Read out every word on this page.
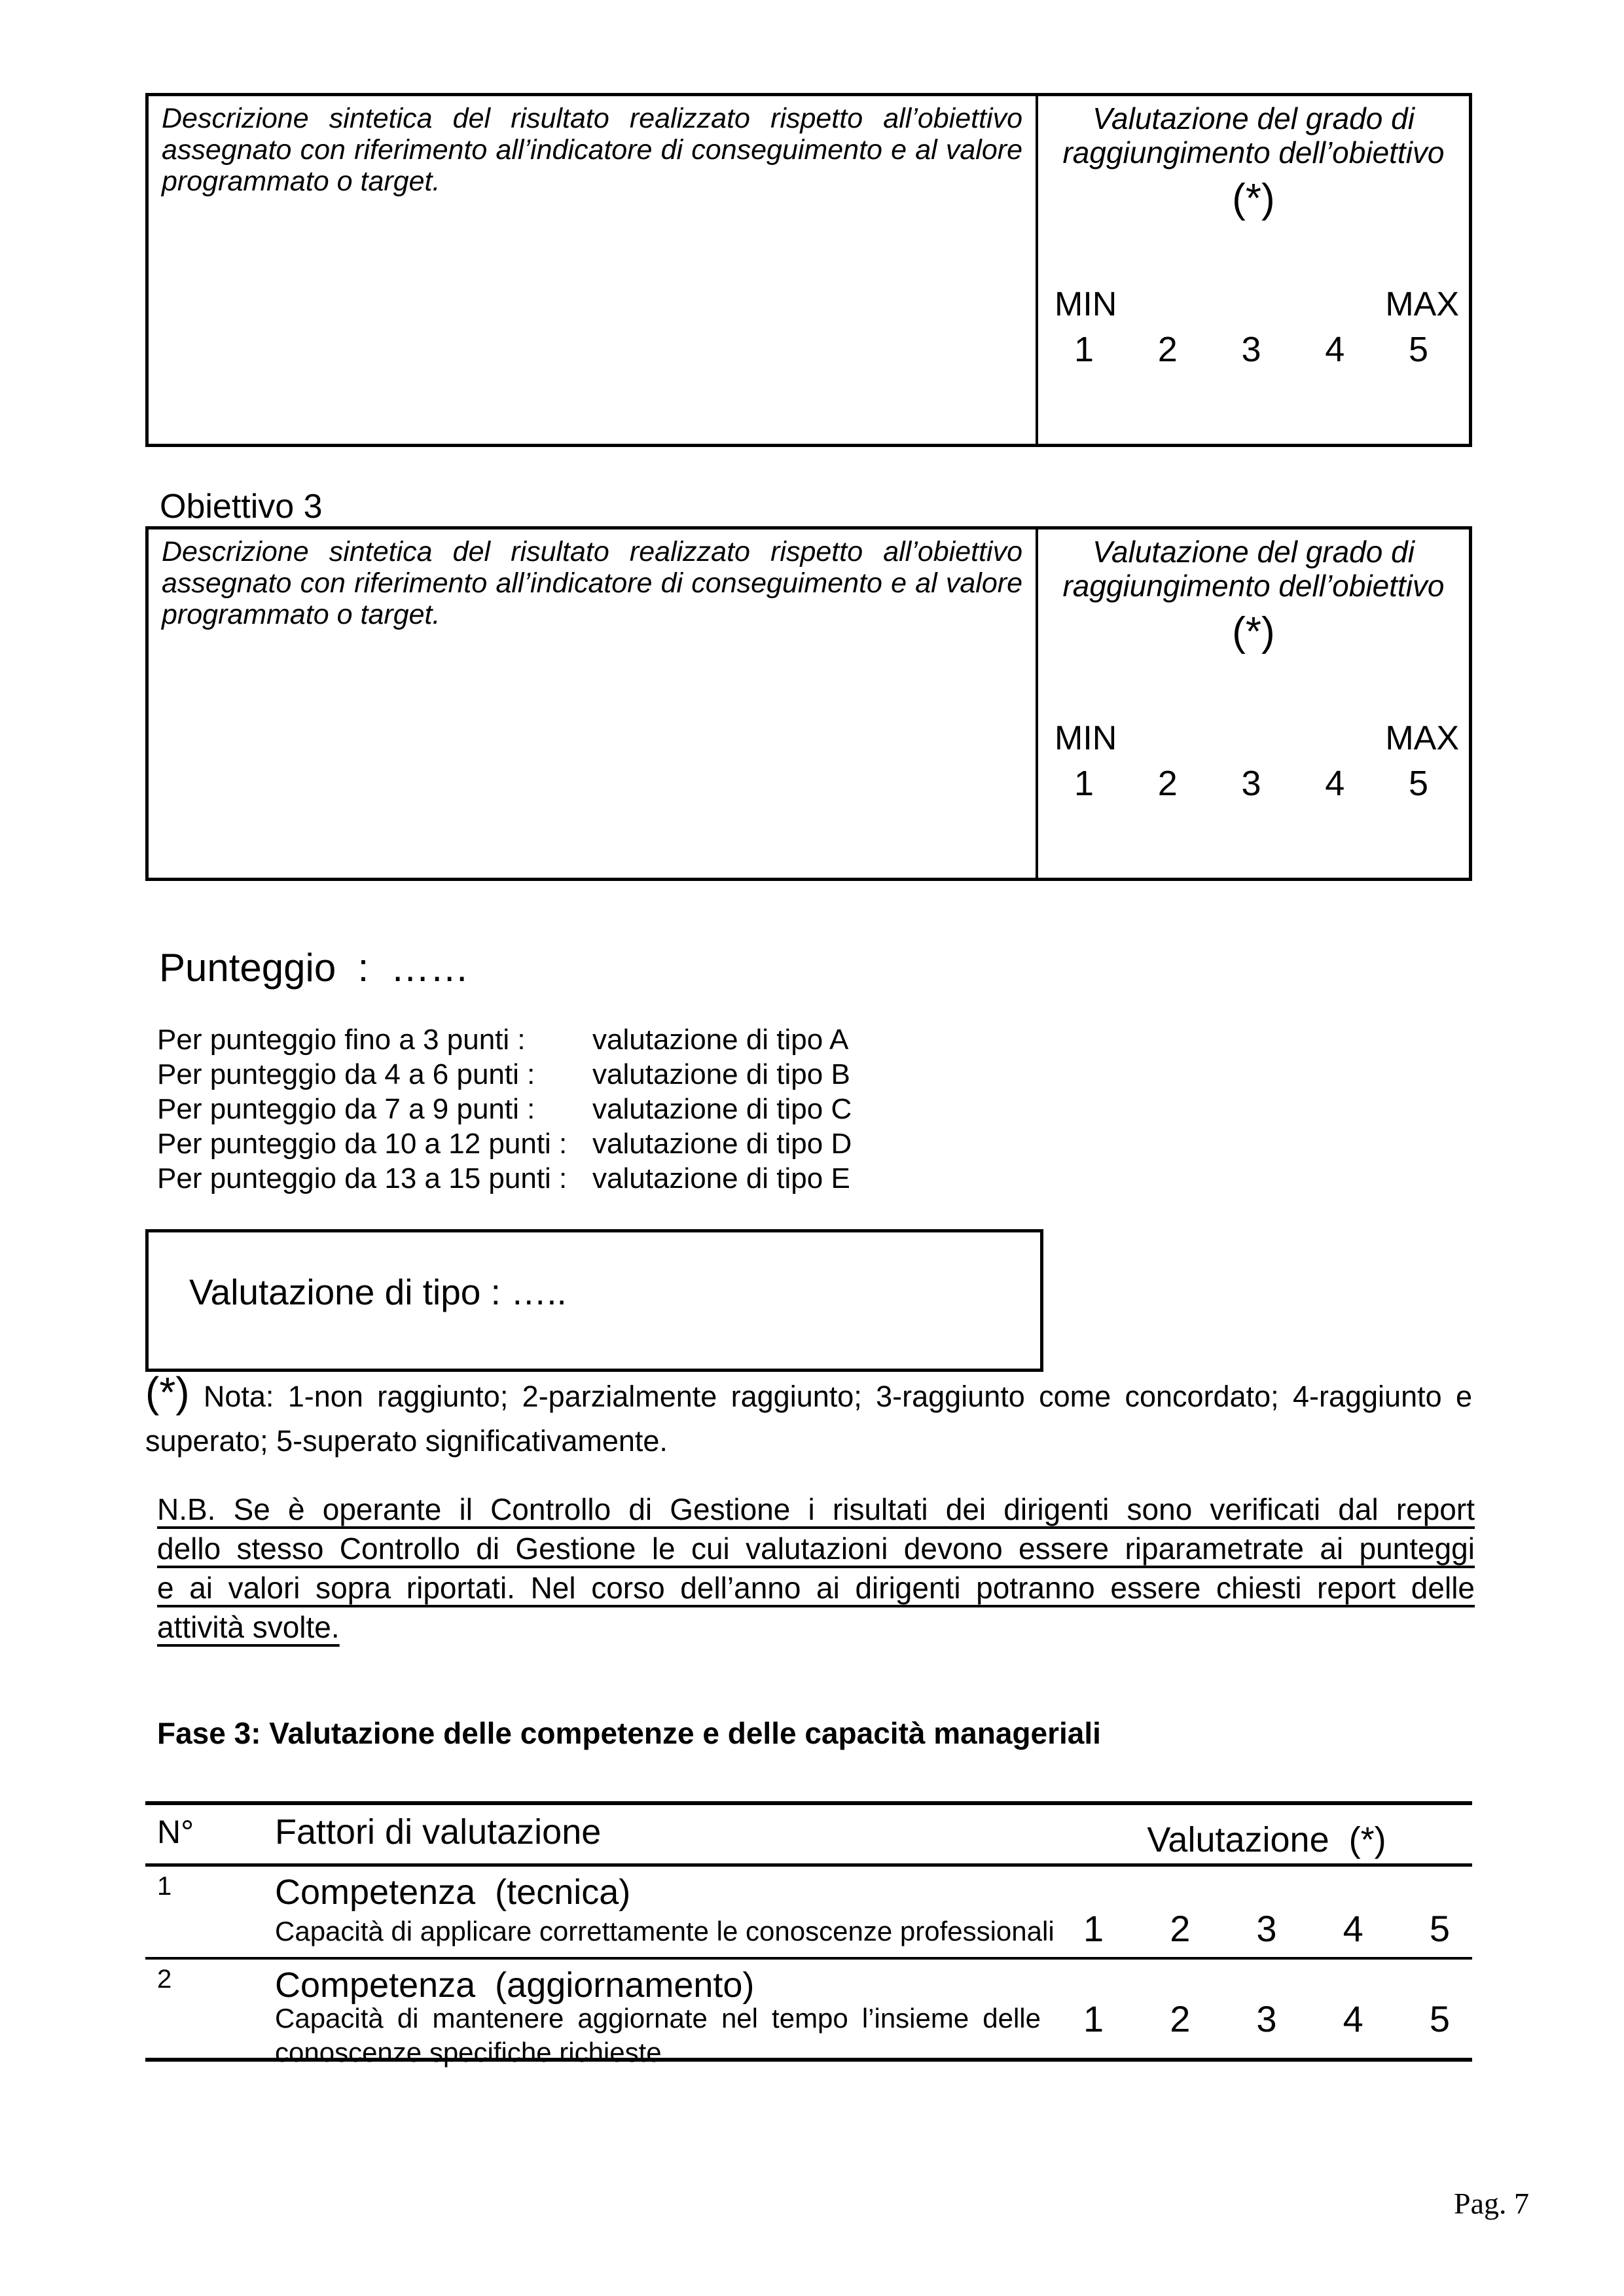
Descrizione sintetica del risultato realizzato rispetto all’obiettivo
assegnato con riferimento all’indicatore di conseguimento e al valore
programmato o target.
Valutazione del grado di
raggiungimento dell’obiettivo
(*)
MIN	MAX
1 2 3 4 5
Obiettivo 3
Descrizione sintetica del risultato realizzato rispetto all’obiettivo
assegnato con riferimento all’indicatore di conseguimento e al valore
programmato o target.
Valutazione del grado di
raggiungimento dell’obiettivo
(*)
MIN	MAX
1 2 3 4 5
Punteggio  :  ……
Per punteggio fino a 3 punti :	valutazione di tipo A
Per punteggio da 4 a 6 punti :	valutazione di tipo B
Per punteggio da 7 a 9 punti :	valutazione di tipo C
Per punteggio da 10 a 12 punti : valutazione di tipo D
Per punteggio da 13 a 15 punti : valutazione di tipo E
Valutazione di tipo : …..
(*) Nota: 1-non raggiunto; 2-parzialmente raggiunto; 3-raggiunto come concordato; 4-raggiunto e
superato; 5-superato significativamente.
N.B. Se è operante il Controllo di Gestione i risultati dei dirigenti sono verificati dal report
dello stesso Controllo di Gestione le cui valutazioni devono essere riparametrate ai punteggi
e ai valori sopra riportati. Nel corso dell’anno ai dirigenti potranno essere chiesti report delle
attività svolte.
Fase 3: Valutazione delle competenze e delle capacità manageriali
N° Fattori di valutazione	Valutazione  (*)
1	Competenza  (tecnica)
Capacità di applicare correttamente le conoscenze professionali 1 2 3 4 5
2	Competenza  (aggiornamento)
Capacità di mantenere aggiornate nel tempo l’insieme delle
conoscenze specifiche richieste
1 2 3 4 5
Pag. 7
